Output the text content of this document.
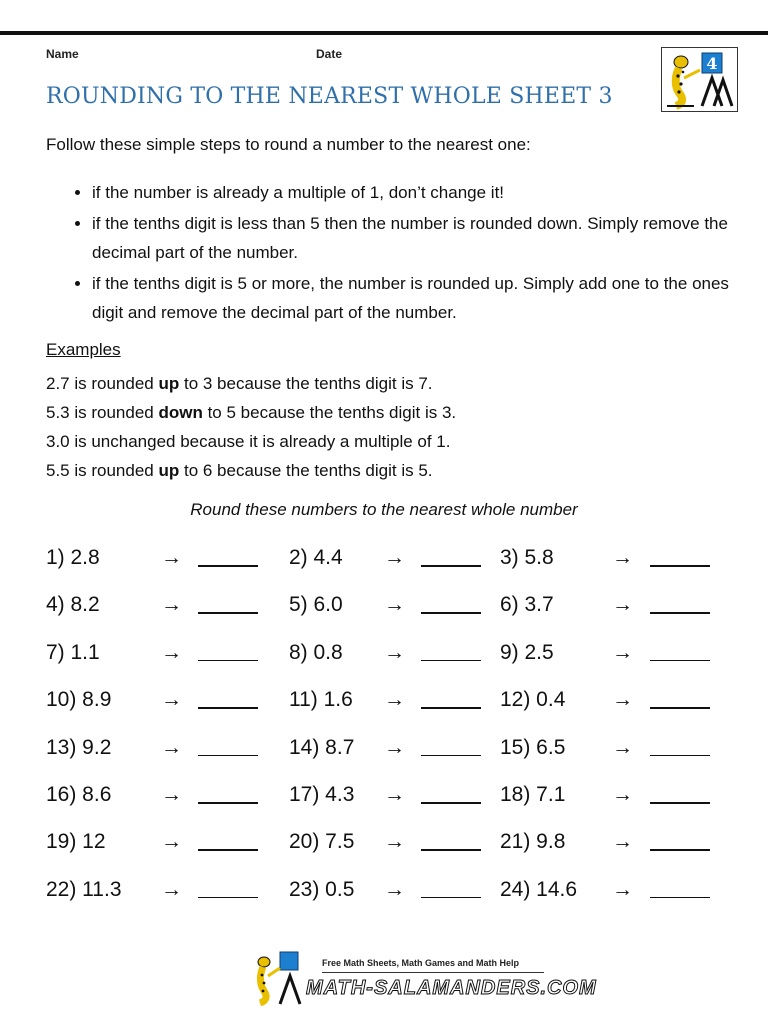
Name	Date	4
ROUNDING TO THE NEAREST WHOLE SHEET 3
Follow these simple steps to round a number to the nearest one:
• if the number is already a multiple of 1, don’t change it!
• if the tenths digit is less than 5 then the number is rounded down. Simply remove the decimal part of the number.
• if the tenths digit is 5 or more, the number is rounded up. Simply add one to the ones digit and remove the decimal part of the number.
Examples
2.7 is rounded up to 3 because the tenths digit is 7.
5.3 is rounded down to 5 because the tenths digit is 3.
3.0 is unchanged because it is already a multiple of 1.
5.5 is rounded up to 6 because the tenths digit is 5.
Round these numbers to the nearest whole number
1) 2.8	→	2) 4.4 →	3) 5.8	→
4) 8.2	→	5) 6.0 →	6) 3.7	→
7) 1.1	→	8) 0.8 →	9) 2.5	→
10) 8.9 →	11) 1.6 →	12) 0.4 →
13) 9.2 →	14) 8.7 →	15) 6.5 →
16) 8.6 →	17) 4.3 →	18) 7.1 →
19) 12	→	20) 7.5 →	21) 9.8 →
22) 11.3 →	23) 0.5 →	24) 14.6 →
Free Math Sheets, Math Games and Math Help
MATH-SALAMANDERS.COM
